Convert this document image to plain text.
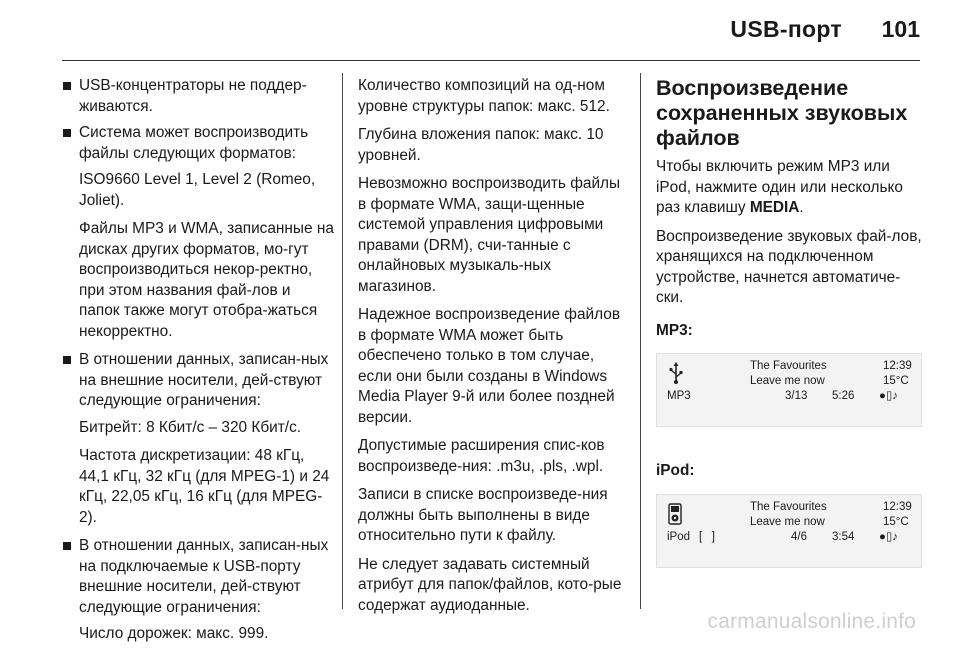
USB-порт 101
USB-концентраторы не поддер-живаются.
Система может воспроизводить файлы следующих форматов:

ISO9660 Level 1, Level 2 (Romeo, Joliet).

Файлы MP3 и WMA, записанные на дисках других форматов, мо-гут воспроизводиться некор-ректно, при этом названия фай-лов и папок также могут отобра-жаться некорректно.

В отношении данных, записан-ных на внешние носители, дей-ствуют следующие ограничения:

Битрейт: 8 Кбит/с – 320 Кбит/с.

Частота дискретизации: 48 кГц, 44,1 кГц, 32 кГц (для MPEG-1) и 24 кГц, 22,05 кГц, 16 кГц (для MPEG-2).

В отношении данных, записан-ных на подключаемые к USB-порту внешние носители, дей-ствуют следующие ограничения:

Число дорожек: макс. 999.

Количество композиций на од-ном уровне структуры папок: макс. 512.

Глубина вложения папок: макс. 10 уровней.

Невозможно воспроизводить файлы в формате WMA, защи-щенные системой управления цифровыми правами (DRM), счи-танные с онлайновых музыкаль-ных магазинов.

Надежное воспроизведение файлов в формате WMA может быть обеспечено только в том случае, если они были созданы в Windows Media Player 9-й или более поздней версии.

Допустимые расширения спис-ков воспроизведе-ния: .m3u, .pls, .wpl.

Записи в списке воспроизведе-ния должны быть выполнены в виде относительно пути к файлу.

Не следует задавать системный атрибут для папок/файлов, кото-рые содержат аудиоданные.

Воспроизведение сохраненных звуковых файлов

Чтобы включить режим MP3 или iPod, нажмите один или несколько раз клавишу MEDIA.

Воспроизведение звуковых фай-лов, хранящихся на подключенном устройстве, начнется автоматиче-ски.

MP3:
The Favourites
Leave me now
12:39
15°C
MP3	3/13 5:26 ●▯♪
iPod:
The Favourites
Leave me now
12:39
15°C
iPod [   ]	4/6 3:54 ●▯♪
carmanualsonline.info
